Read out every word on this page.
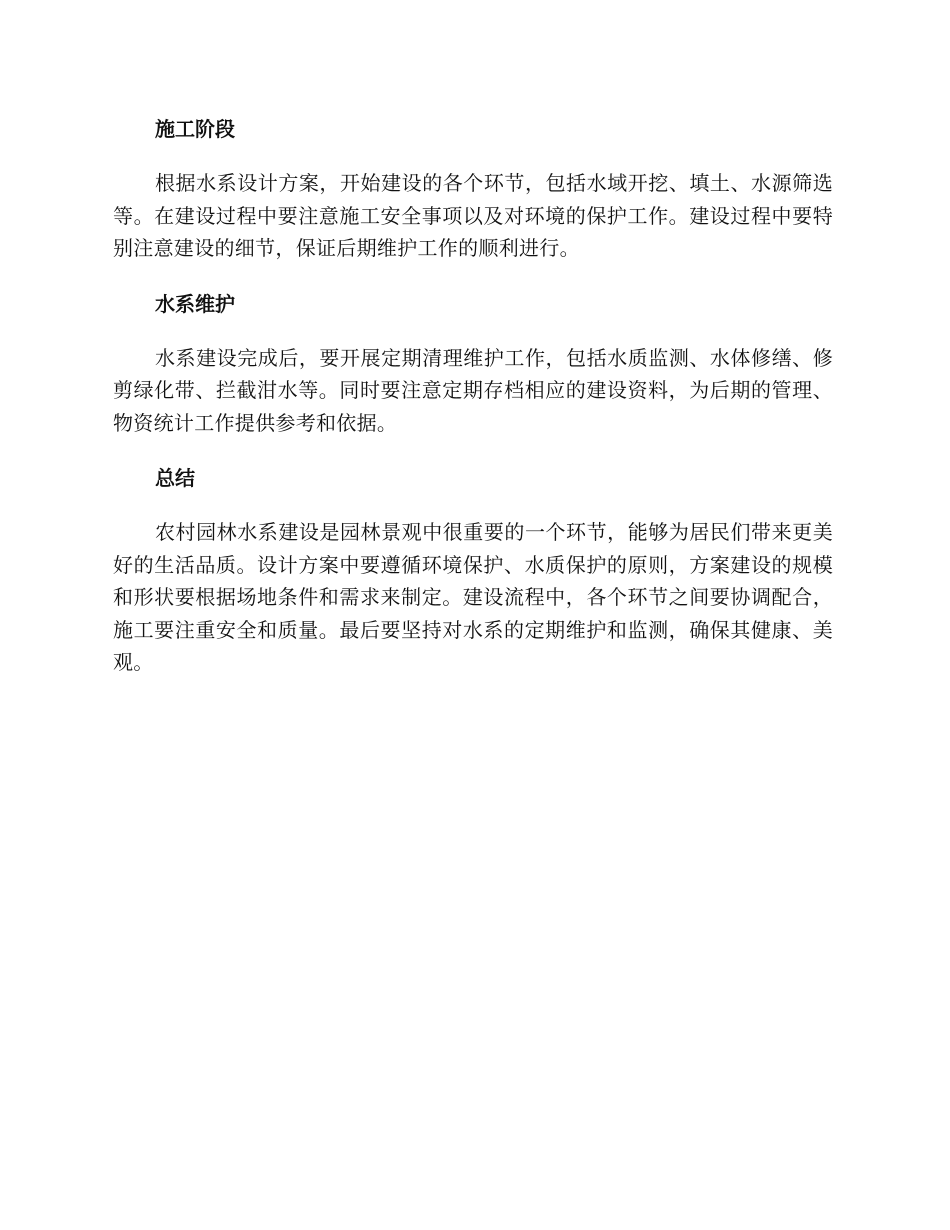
施工阶段

根据水系设计方案，开始建设的各个环节，包括水域开挖、填土、水源筛选等。在建设过程中要注意施工安全事项以及对环境的保护工作。建设过程中要特别注意建设的细节，保证后期维护工作的顺利进行。

水系维护

水系建设完成后，要开展定期清理维护工作，包括水质监测、水体修缮、修剪绿化带、拦截泔水等。同时要注意定期存档相应的建设资料，为后期的管理、物资统计工作提供参考和依据。

总结

农村园林水系建设是园林景观中很重要的一个环节，能够为居民们带来更美好的生活品质。设计方案中要遵循环境保护、水质保护的原则，方案建设的规模和形状要根据场地条件和需求来制定。建设流程中，各个环节之间要协调配合，施工要注重安全和质量。最后要坚持对水系的定期维护和监测，确保其健康、美观。
